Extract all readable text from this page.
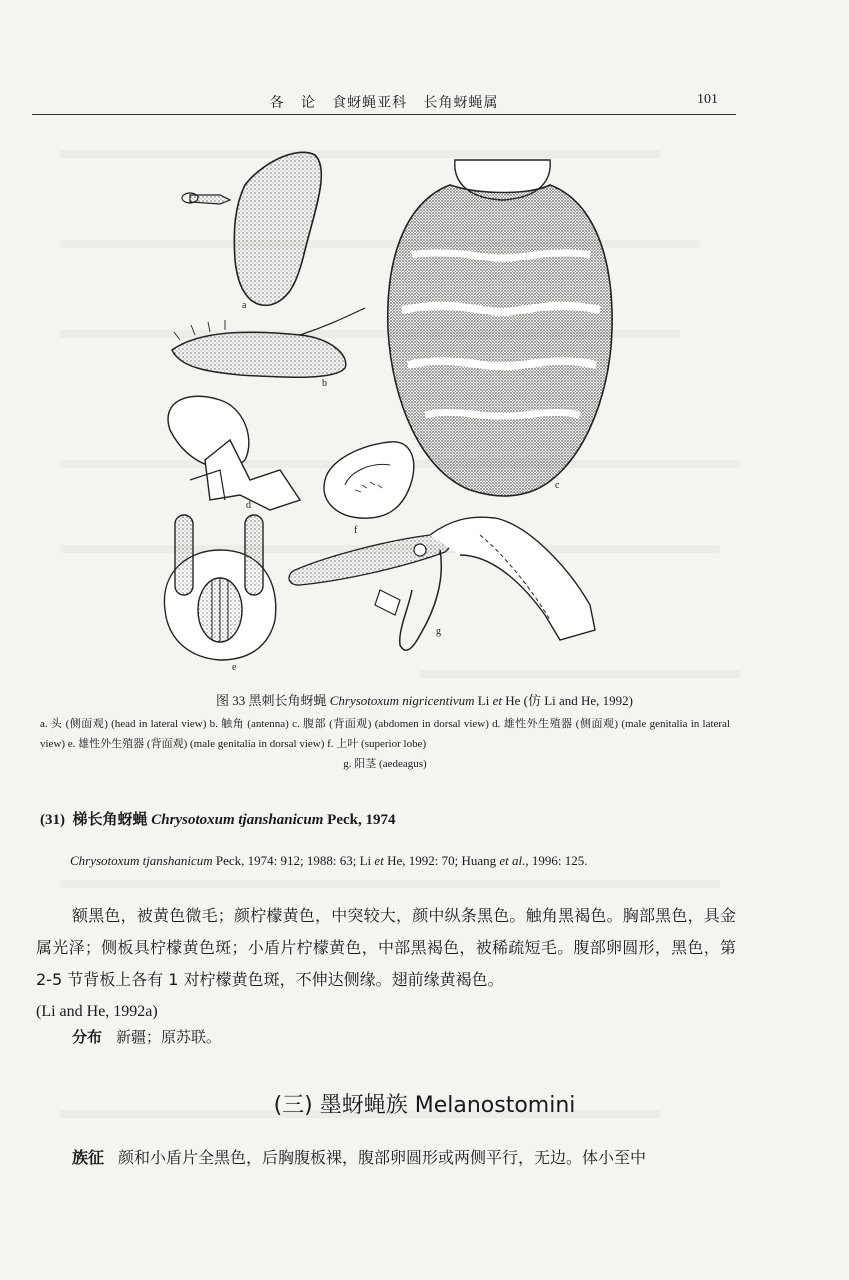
各   论   食蚜蝇亚科   长角蚜蝇属	101
a
b
c
d
f
e
g
图 33 黑刺长角蚜蝇 Chrysotoxum nigricentivum Li et He (仿 Li and He, 1992)
a. 头 (侧面观) (head in lateral view) b. 触角 (antenna) c. 腹部 (背面观) (abdomen in dorsal view) d. 雄性外生殖器 (侧面观) (male genitalia in lateral view) e. 雄性外生殖器 (背面观) (male genitalia in dorsal view) f. 上叶 (superior lobe)
g. 阳茎 (aedeagus)
(31) 梯长角蚜蝇 Chrysotoxum tjanshanicum Peck, 1974
Chrysotoxum tjanshanicum Peck, 1974: 912; 1988: 63; Li et He, 1992: 70; Huang et al., 1996: 125.
额黑色，被黄色微毛；颜柠檬黄色，中突较大，颜中纵条黑色。触角黑褐色。胸部黑色，具金属光泽；侧板具柠檬黄色斑；小盾片柠檬黄色，中部黑褐色，被稀疏短毛。腹部卵圆形，黑色，第 2-5 节背板上各有 1 对柠檬黄色斑，不伸达侧缘。翅前缘黄褐色。
(Li and He, 1992a)
分布 新疆；原苏联。
(三) 墨蚜蝇族 Melanostomini
族征 颜和小盾片全黑色，后胸腹板裸，腹部卵圆形或两侧平行，无边。体小至中
